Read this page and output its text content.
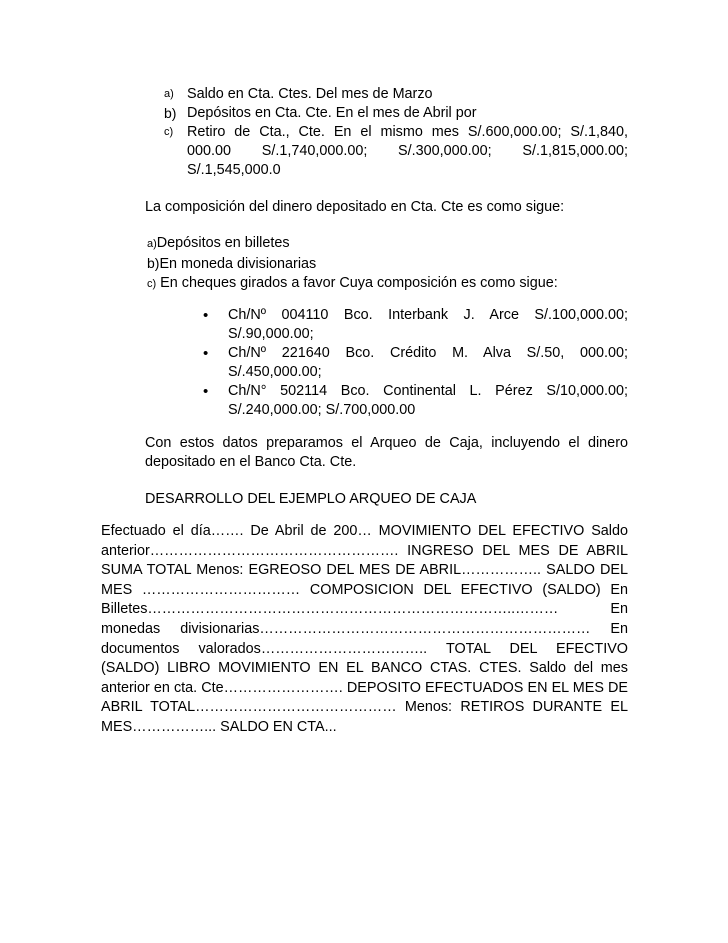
a) Saldo en Cta. Ctes. Del mes de Marzo
b) Depósitos en Cta. Cte. En el mes de Abril por
c) Retiro de Cta., Cte. En el mismo mes S/.600,000.00; S/.1,840, 000.00 S/.1,740,000.00; S/.300,000.00; S/.1,815,000.00; S/.1,545,000.0

La composición del dinero depositado en Cta. Cte es como sigue:

a)Depósitos en billetes
b)En moneda divisionarias
c) En cheques girados a favor Cuya composición es como sigue:
• Ch/Nº 004110 Bco. Interbank J. Arce S/.100,000.00; S/.90,000.00;
• Ch/Nº 221640 Bco. Crédito M. Alva S/.50, 000.00; S/.450,000.00;
• Ch/N° 502114 Bco. Continental L. Pérez S/10,000.00; S/.240,000.00; S/.700,000.00

Con estos datos preparamos el Arqueo de Caja, incluyendo el dinero depositado en el Banco Cta. Cte.

DESARROLLO DEL EJEMPLO ARQUEO DE CAJA

Efectuado el día……. De Abril de 200… MOVIMIENTO DEL EFECTIVO Saldo anterior……………………………………………. INGRESO DEL MES DE ABRIL SUMA TOTAL Menos: EGREOSO DEL MES DE ABRIL…………….. SALDO DEL MES …………………………… COMPOSICION DEL EFECTIVO (SALDO) En Billetes…………………………………………………………………..……… En monedas divisionarias…………………………………………………………… En documentos valorados…………………………….. TOTAL DEL EFECTIVO (SALDO) LIBRO MOVIMIENTO EN EL BANCO CTAS. CTES. Saldo del mes anterior en cta. Cte……………………. DEPOSITO EFECTUADOS EN EL MES DE ABRIL TOTAL…………………………………… Menos: RETIROS DURANTE EL MES……………... SALDO EN CTA...
